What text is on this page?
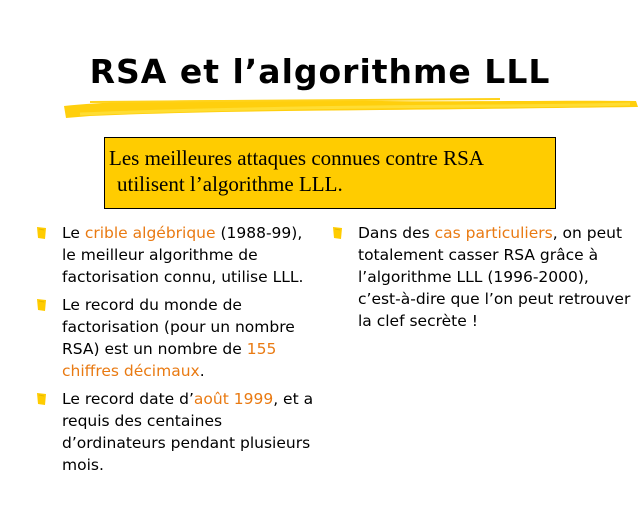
RSA et l’algorithme LLL
Les meilleures attaques connues contre RSA
utilisent l’algorithme LLL.
Le crible algébrique (1988-99), le meilleur algorithme de factorisation connu, utilise LLL.
Le record du monde de factorisation (pour un nombre RSA) est un nombre de 155 chiffres décimaux.
Le record date d’août 1999, et a requis des centaines d’ordinateurs pendant plusieurs mois.
Dans des cas particuliers, on peut totalement casser RSA grâce à l’algorithme LLL (1996-2000), c’est-à-dire que l’on peut retrouver la clef secrète !
